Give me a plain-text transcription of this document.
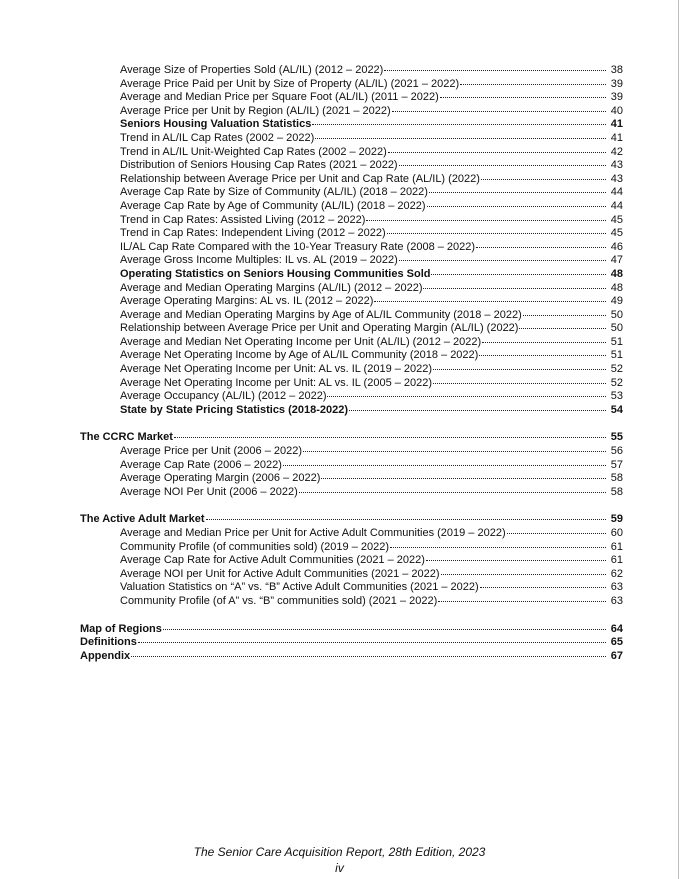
Average Size of Properties Sold (AL/IL) (2012 – 2022)	38
Average Price Paid per Unit by Size of Property (AL/IL) (2021 – 2022)	39
Average and Median Price per Square Foot (AL/IL) (2011 – 2022)	39
Average Price per Unit by Region (AL/IL) (2021 – 2022)	40
Seniors Housing Valuation Statistics	41
Trend in AL/IL Cap Rates (2002 – 2022)	41
Trend in AL/IL Unit-Weighted Cap Rates (2002 – 2022)	42
Distribution of Seniors Housing Cap Rates (2021 – 2022)	43
Relationship between Average Price per Unit and Cap Rate (AL/IL) (2022)	43
Average Cap Rate by Size of Community (AL/IL) (2018 – 2022)	44
Average Cap Rate by Age of Community (AL/IL) (2018 – 2022)	44
Trend in Cap Rates: Assisted Living (2012 – 2022)	45
Trend in Cap Rates: Independent Living (2012 – 2022)	45
IL/AL Cap Rate Compared with the 10-Year Treasury Rate (2008 – 2022)	46
Average Gross Income Multiples: IL vs. AL (2019 – 2022)	47
Operating Statistics on Seniors Housing Communities Sold	48
Average and Median Operating Margins (AL/IL) (2012 – 2022)	48
Average Operating Margins: AL vs. IL (2012 – 2022)	49
Average and Median Operating Margins by Age of AL/IL Community (2018 – 2022)	50
Relationship between Average Price per Unit and Operating Margin (AL/IL) (2022)	50
Average and Median Net Operating Income per Unit (AL/IL) (2012 – 2022)	51
Average Net Operating Income by Age of AL/IL Community (2018 – 2022)	51
Average Net Operating Income per Unit: AL vs. IL (2019 – 2022)	52
Average Net Operating Income per Unit: AL vs. IL (2005 – 2022)	52
Average Occupancy (AL/IL) (2012 – 2022)	53
State by State Pricing Statistics (2018-2022)	54
The CCRC Market	55
Average Price per Unit (2006 – 2022)	56
Average Cap Rate (2006 – 2022)	57
Average Operating Margin (2006 – 2022)	58
Average NOI Per Unit (2006 – 2022)	58
The Active Adult Market	59
Average and Median Price per Unit for Active Adult Communities (2019 – 2022)	60
Community Profile (of communities sold) (2019 – 2022)	61
Average Cap Rate for Active Adult Communities (2021 – 2022)	61
Average NOI per Unit for Active Adult Communities (2021 – 2022)	62
Valuation Statistics on “A” vs. “B” Active Adult Communities (2021 – 2022)	63
Community Profile (of A” vs. “B” communities sold) (2021 – 2022)	63
Map of Regions	64
Definitions	65
Appendix	67
The Senior Care Acquisition Report, 28th Edition, 2023
iv
